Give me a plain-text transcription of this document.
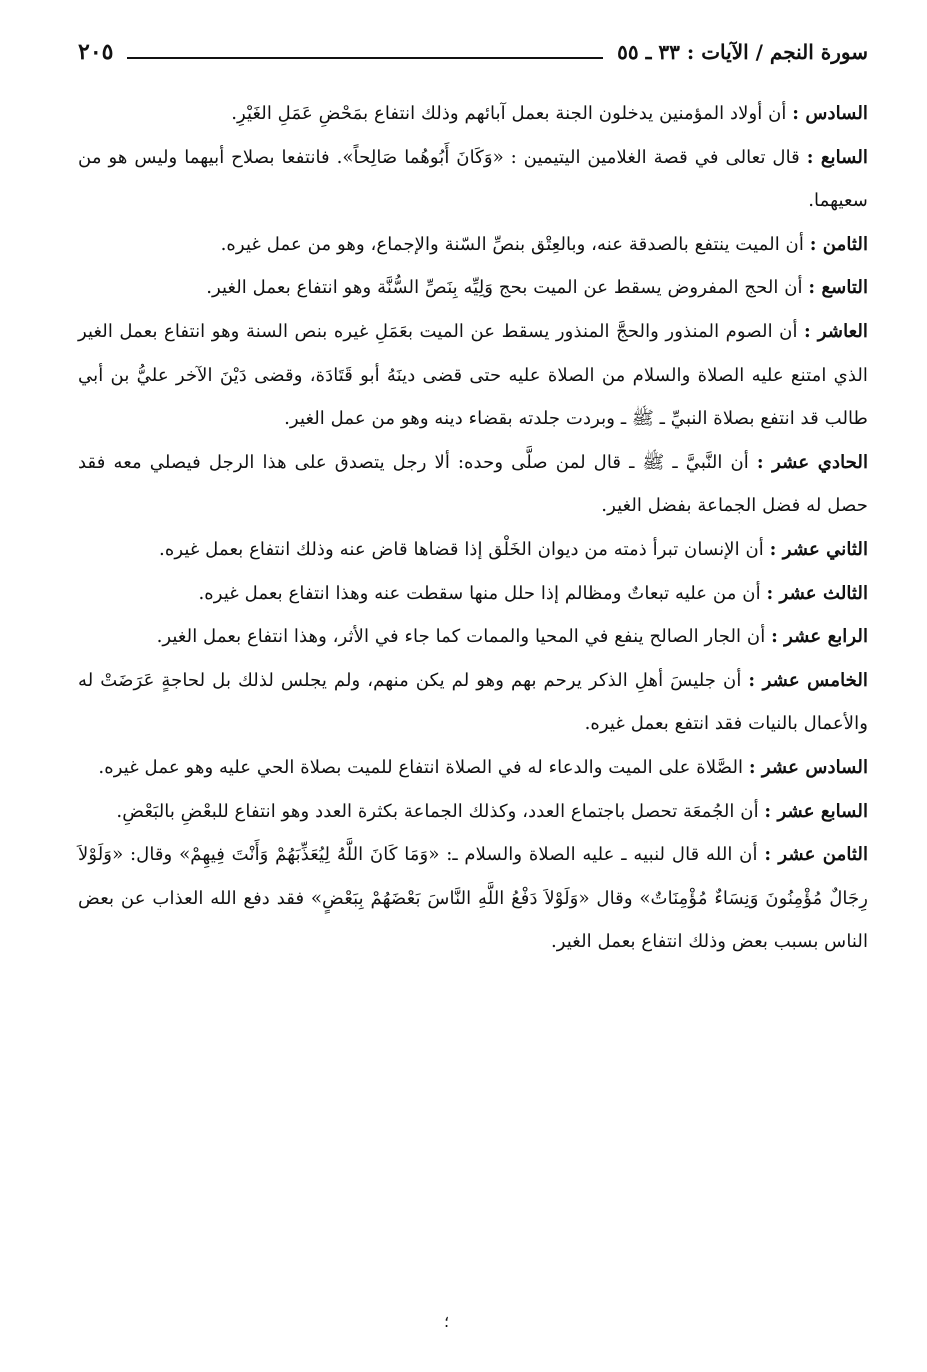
سورة النجم / الآيات : ٣٣ ـ ٥٥
٢٠٥

السادس : أن أولاد المؤمنين يدخلون الجنة بعمل آبائهم وذلك انتفاع بمَحْضِ عَمَلِ الغَيْرِ.

السابع : قال تعالى في قصة الغلامين اليتيمين : «وَكَانَ أَبُوهُما صَالِحاً». فانتفعا بصلاح أبيهما وليس هو من سعيهما.

الثامن : أن الميت ينتفع بالصدقة عنه، وبالعِتْق بنصِّ السّنة والإجماع، وهو من عمل غيره.

التاسع : أن الحج المفروض يسقط عن الميت بحج وَلِيِّه بِنَصِّ السُّنَّة وهو انتفاع بعمل الغير.

العاشر : أن الصوم المنذور والحجَّ المنذور يسقط عن الميت بعَمَلِ غيره بنص السنة وهو انتفاع بعمل الغير الذي امتنع عليه الصلاة والسلام من الصلاة عليه حتى قضى دينَهُ أبو قَتَادَة، وقضى دَيْنَ الآخر عليُّ بن أبي طالب قد انتفع بصلاة النبيِّ ـ ﷺ ـ وبردت جلدته بقضاء دينه وهو من عمل الغير.

الحادي عشر : أن النَّبيَّ ـ ﷺ ـ قال لمن صلَّى وحده: ألا رجل يتصدق على هذا الرجل فيصلي معه فقد حصل له فضل الجماعة بفضل الغير.

الثاني عشر : أن الإنسان تبرأ ذمته من ديوان الخَلْق إذا قضاها قاض عنه وذلك انتفاع بعمل غيره.

الثالث عشر : أن من عليه تبعاتٌ ومظالم إذا حلل منها سقطت عنه وهذا انتفاع بعمل غيره.

الرابع عشر : أن الجار الصالح ينفع في المحيا والممات كما جاء في الأثر، وهذا انتفاع بعمل الغير.

الخامس عشر : أن جليسَ أهلِ الذكر يرحم بهم وهو لم يكن منهم، ولم يجلس لذلك بل لحاجةٍ عَرَضَتْ له والأعمال بالنيات فقد انتفع بعمل غيره.

السادس عشر : الصَّلاة على الميت والدعاء له في الصلاة انتفاع للميت بصلاة الحي عليه وهو عمل غيره.

السابع عشر : أن الجُمعَة تحصل باجتماع العدد، وكذلك الجماعة بكثرة العدد وهو انتفاع للبعْضِ بالبَعْضِ.

الثامن عشر : أن الله قال لنبيه ـ عليه الصلاة والسلام ـ: «وَمَا كَانَ اللَّهُ لِيُعَذِّبَهُمْ وَأَنْتَ فِيهِمْ» وقال: «وَلَوْلاَ رِجَالٌ مُؤْمِنُونَ وَنِسَاءٌ مُؤْمِنَاتٌ» وقال «وَلَوْلاَ دَفْعُ اللَّهِ النَّاسَ بَعْضَهُمْ بِبَعْضٍ» فقد دفع الله العذاب عن بعض الناس بسبب بعض وذلك انتفاع بعمل الغير.

؛
